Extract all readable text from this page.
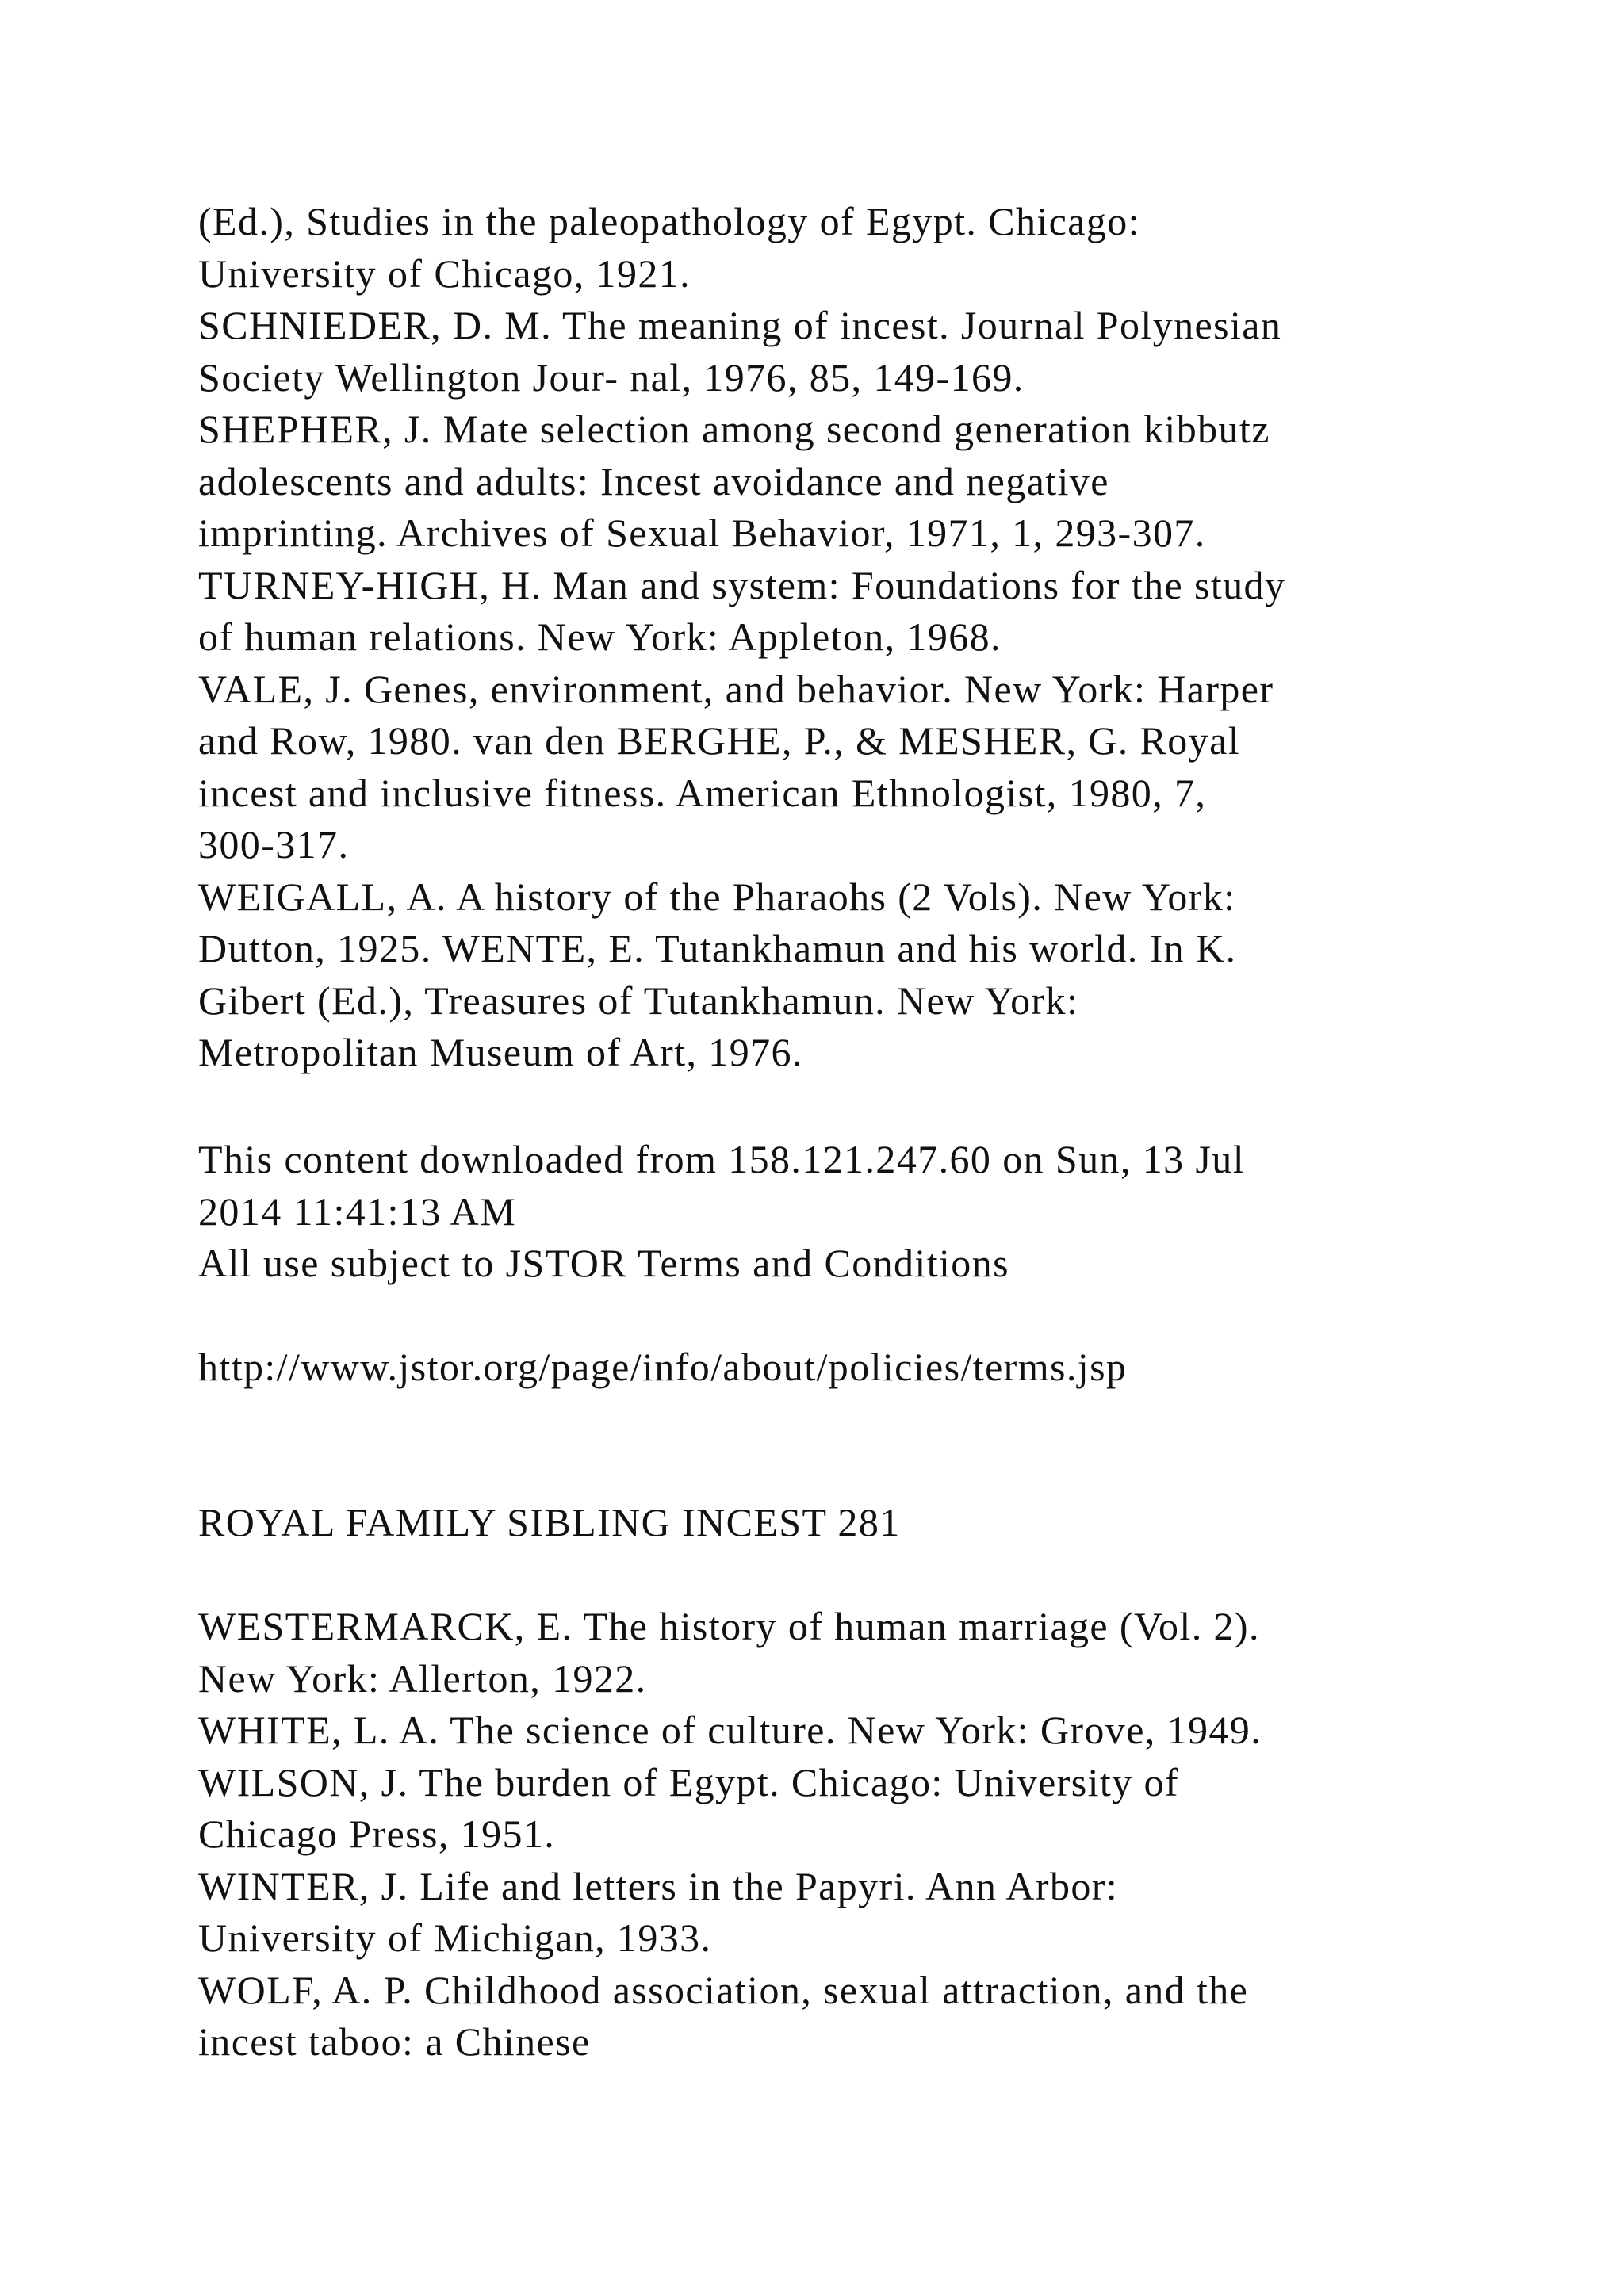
(Ed.), Studies in the paleopathology of Egypt. Chicago:
University of Chicago, 1921.
SCHNIEDER, D. M. The meaning of incest. Journal Polynesian
Society Wellington Jour- nal, 1976, 85, 149-169.
SHEPHER, J. Mate selection among second generation kibbutz
adolescents and adults: Incest avoidance and negative
imprinting. Archives of Sexual Behavior, 1971, 1, 293-307.
TURNEY-HIGH, H. Man and system: Foundations for the study
of human relations. New York: Appleton, 1968.
VALE, J. Genes, environment, and behavior. New York: Harper
and Row, 1980. van den BERGHE, P., & MESHER, G. Royal
incest and inclusive fitness. American Ethnologist, 1980, 7,
300-317.
WEIGALL, A. A history of the Pharaohs (2 Vols). New York:
Dutton, 1925. WENTE, E. Tutankhamun and his world. In K.
Gibert (Ed.), Treasures of Tutankhamun. New York:
Metropolitan Museum of Art, 1976.
This content downloaded from 158.121.247.60 on Sun, 13 Jul
2014 11:41:13 AM
All use subject to JSTOR Terms and Conditions
http://www.jstor.org/page/info/about/policies/terms.jsp
ROYAL FAMILY SIBLING INCEST 281
WESTERMARCK, E. The history of human marriage (Vol. 2).
New York: Allerton, 1922.
WHITE, L. A. The science of culture. New York: Grove, 1949.
WILSON, J. The burden of Egypt. Chicago: University of
Chicago Press, 1951.
WINTER, J. Life and letters in the Papyri. Ann Arbor:
University of Michigan, 1933.
WOLF, A. P. Childhood association, sexual attraction, and the
incest taboo: a Chinese
